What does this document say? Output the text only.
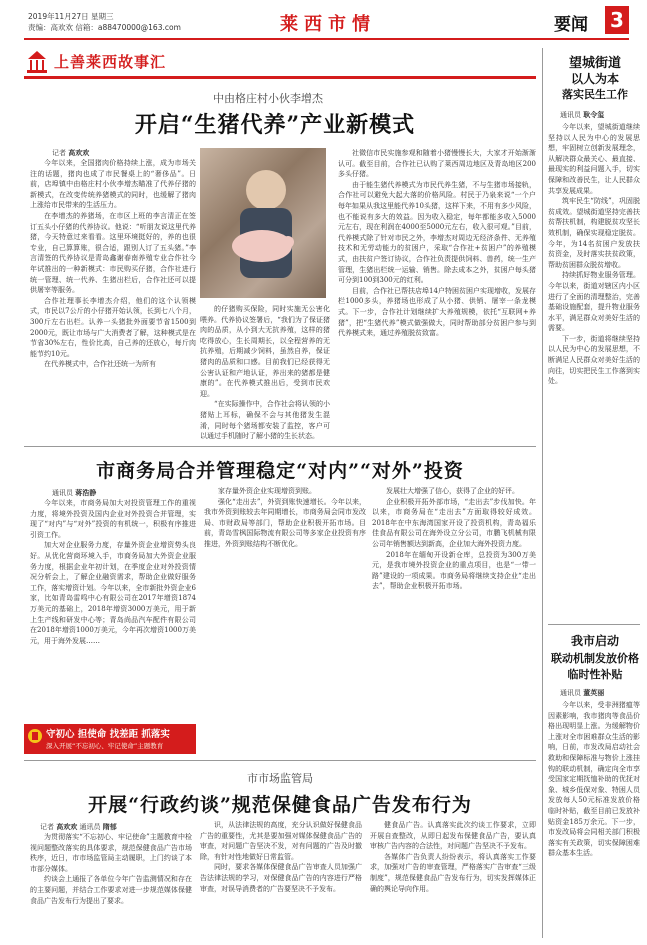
2019年11月27日 星期三
责编：高欢欢 信箱：a88470000@163.com	莱西市情	要闻 3
上善莱西故事汇
中由格庄村小伙李增杰
开启“生猪代养”产业新模式
记者 高欢欢

今年以来，全国猪肉价格持续上涨，成为市场关注的话题，猪肉也成了市民餐桌上的“奢侈品”。日前，店埠镇中由格庄村小伙李增杰瞄准了代养仔猪的新模式，在改变传统养猪模式的同时，也缓解了猪肉上涨给市民带来的生活压力。

在李增杰的养猪场，在市区上班的李言清正在签订五头小仔猪的代养协议。他说：“听朋友说这里代养猪，今天特意过来看看。这里环境挺好的，养的也很专业，自己算算账，很合适，跟别人订了五头猪。”李言清签的代养协议是青岛鑫谢春南养殖专业合作社今年试推出的一种新模式：市民购买仔猪，合作社进行统一管理、统一代养、生猪出栏后，合作社还可以提供屠宰等服务。

合作社理事长李增杰介绍，他们的这个认领模式，市民以7公斤的小仔猪开始认领，长到七八个月，300斤左右出栏。认养一头猪批外面要节省1500到2000元，既让市场与广大消费者了解，这种模式是在节省30%左右，性价比高，自己养的还放心，每斤肉能节约10元。

在代养模式中，合作社还统一为所有

的仔猪购买保险，同时实施无公害化喂养。代养协议签署后，“我们为了保证猪肉的品质，从小到大无抗养殖，这样的猪吃得放心，生长周期长，以全程营养的无抗养殖，后期减少饲料，虽然自养，保证猪肉的品质和口感。目前我们已经获得无公害认证和产地认证，养出来的猪都是健康的”。在代养模式推出后，受到市民欢迎。

“在实际操作中，合作社会将认领的小猪贴上耳标，确保不会与其他猪发生混淆，同时每个猪场都安装了监控，客户可以通过手机随时了解小猪的生长状态。

社微信市民实施参观和随着小猪慢慢长大，大家才开始渐渐认可。截至目前，合作社已认购了莱西周边地区及青岛地区200多头仔猪。

由于能生猪代养模式为市民代养生猪，不与生猪市场接轨，合作社可以避免大起大落的价格风险。村民于乃泉来说“一个户每年如果从我这里能代养10头猪，这样下来，不用有多少风险，也不能说有多大的效益。因为收入稳定，每年都能多收入5000元左右，现在利润在4000至5000元左右，收入很可观。”目前，代养模式除了针对市民之外，李增杰对周边无经济条件、无养殖技术和无劳动能力的贫困户，采取“合作社+贫困户”的养殖模式，由扶贫户签订协议，合作社负责提供饲料、兽药，统一生产管理，生猪出栏统一运输、销售。除去成本之外，贫困户每头猪可分到100到300元的红利。

目前，合作社已帮扶店埠14户特困贫困户实现增收，发展存栏1000多头，养猪场也形成了从小猪、供销、屠宰一条龙模式。下一步，合作社计划继续扩大养殖规模，依托“互联网+养猪”，把“生猪代养”模式做强做大，同时帮助部分贫困户参与到代养模式来，通过养殖脱贫致富。

市商务局合并管理稳定“对内”“对外”投资
通讯员 蒋浩静

今年以来，市商务局加大对投资管理工作的重视力度，将境外投资及国内企业对外投资合并管理，实现了“对内”与“对外”投资的有机统一，积极有序推进引资工作。

加大对企业服务力度，存量外资企业增资势头良好。从优化营商环境入手，市商务局加大外资企业服务力度，根据企业年初计划，在季度企业对外投资情况分析会上，了解企业融资需求，帮助企业做好服务工作，落实增资计划。今年以来，全市新批外资企业6家，比如青岛雷鸣中心有限公司在2017年增资1874万美元的基础上，2018年增资3000万美元，用于新上生产线和研发中心等；青岛尚品汽车配件有限公司在2018年增资1000万美元，今年再次增资1000万美元，用于海外发展……

家存量外资企业实现增资到账。

强化“走出去”，外资到账快速增长。今年以来，我市外资到账较去年同期增长，市商务局会同市发改局、市财政局等部门，帮助企业积极开拓市场。目前，青岛雪枫国际物流有限公司等多家企业投资有序推进，外资到账结构不断优化。

发展壮大增强了信心，获得了企业的好评。

企业积极开拓外部市场，“走出去”步伐加快。年以来，市商务局在“走出去”方面取得较好成效。2018年在中东海湾国家开设了投资机构，青岛福乐佳食品有限公司在海外设立分公司，市鹏飞机械有限公司年销售额达到新高，企业加大海外投资力度。

2018年在缅甸开设新仓库，总投资为300万美元，是我市境外投资企业的重点项目，也是“一带一路”建设的一项成果。市商务局将继续支持企业“走出去”，帮助企业积极开拓市场。

守初心 担使命 找差距 抓落实
深入开展“不忘初心、牢记使命”主题教育
市市场监管局
开展“行政约谈”规范保健食品广告发布行为
记者 高欢欢 通讯员 隋郁

为贯彻落实“不忘初心、牢记使命”主题教育中检视问题整改落实的具体要求，规范保健食品广告市场秩序，近日，市市场监管局主动履职，上门约谈了本市部分媒体。

约谈会上通报了各单位今年广告监测情况和存在的主要问题，并结合工作要求对进一步规范媒体保健食品广告发布行为提出了要求。

识，从法律法规的高度，充分认识做好保健食品广告的重要性，尤其是要加强对媒体保健食品广告的审查，对问题广告坚决不发，对有问题的广告及时撤除，有针对性地做好日常监管。

同时，要求各媒体保健食品广告审查人员加强广告法律法规的学习，对保健食品广告的内容进行严格审查，对误导消费者的广告要坚决不予发布。

健食品广告。认真落实此次约谈工作要求，立即开展自查整改，从即日起发布保健食品广告，要认真审核广告内容的合法性，对问题广告坚决不予发布。

各媒体广告负责人纷纷表示，将认真落实工作要求，加强对广告的审查管理，严格落实广告审查“三级制度”，规范保健食品广告发布行为，切实发挥媒体正确的舆论导向作用。

望城街道
以人为本
落实民生工作
通讯员 耿令玺

今年以来，望城街道继续坚持以人民为中心的发展思想，牢固树立创新发展理念，从解决群众最关心、最直接、最现实的利益问题入手，切实保障和改善民生，让人民群众共享发展成果。

筑牢民生“防线”，巩固脱贫成效。望城街道坚持完善扶贫帮扶机制，构建脱贫攻坚长效机制，确保实现稳定脱贫。今年，为14名贫困户发放扶贫资金，及时落实扶贫政策，帮助贫困群众脱贫增收。

持续抓好物业服务管理。今年以来，街道对辖区内小区进行了全面的清理整治，完善基础设施配套，提升物业服务水平，满足群众对美好生活的需要。

下一步，街道将继续坚持以人民为中心的发展思想，不断满足人民群众对美好生活的向往，切实把民生工作落到实处。

我市启动
联动机制发放价格
临时性补贴
通讯员 董英丽

今年以来，受非洲猪瘟等因素影响，我市猪肉等食品价格出现明显上涨。为缓解物价上涨对全市困难群众生活的影响，日前，市发改局启动社会救助和保障标准与物价上涨挂钩的联动机制，确定向全市享受国家定期抚恤补助的优抚对象、城乡低保对象、特困人员发放每人50元标准发放价格临时补贴，截至目前已发放补贴资金185万余元。下一步，市发改局将会同相关部门积极落实有关政策，切实保障困难群众基本生活。
